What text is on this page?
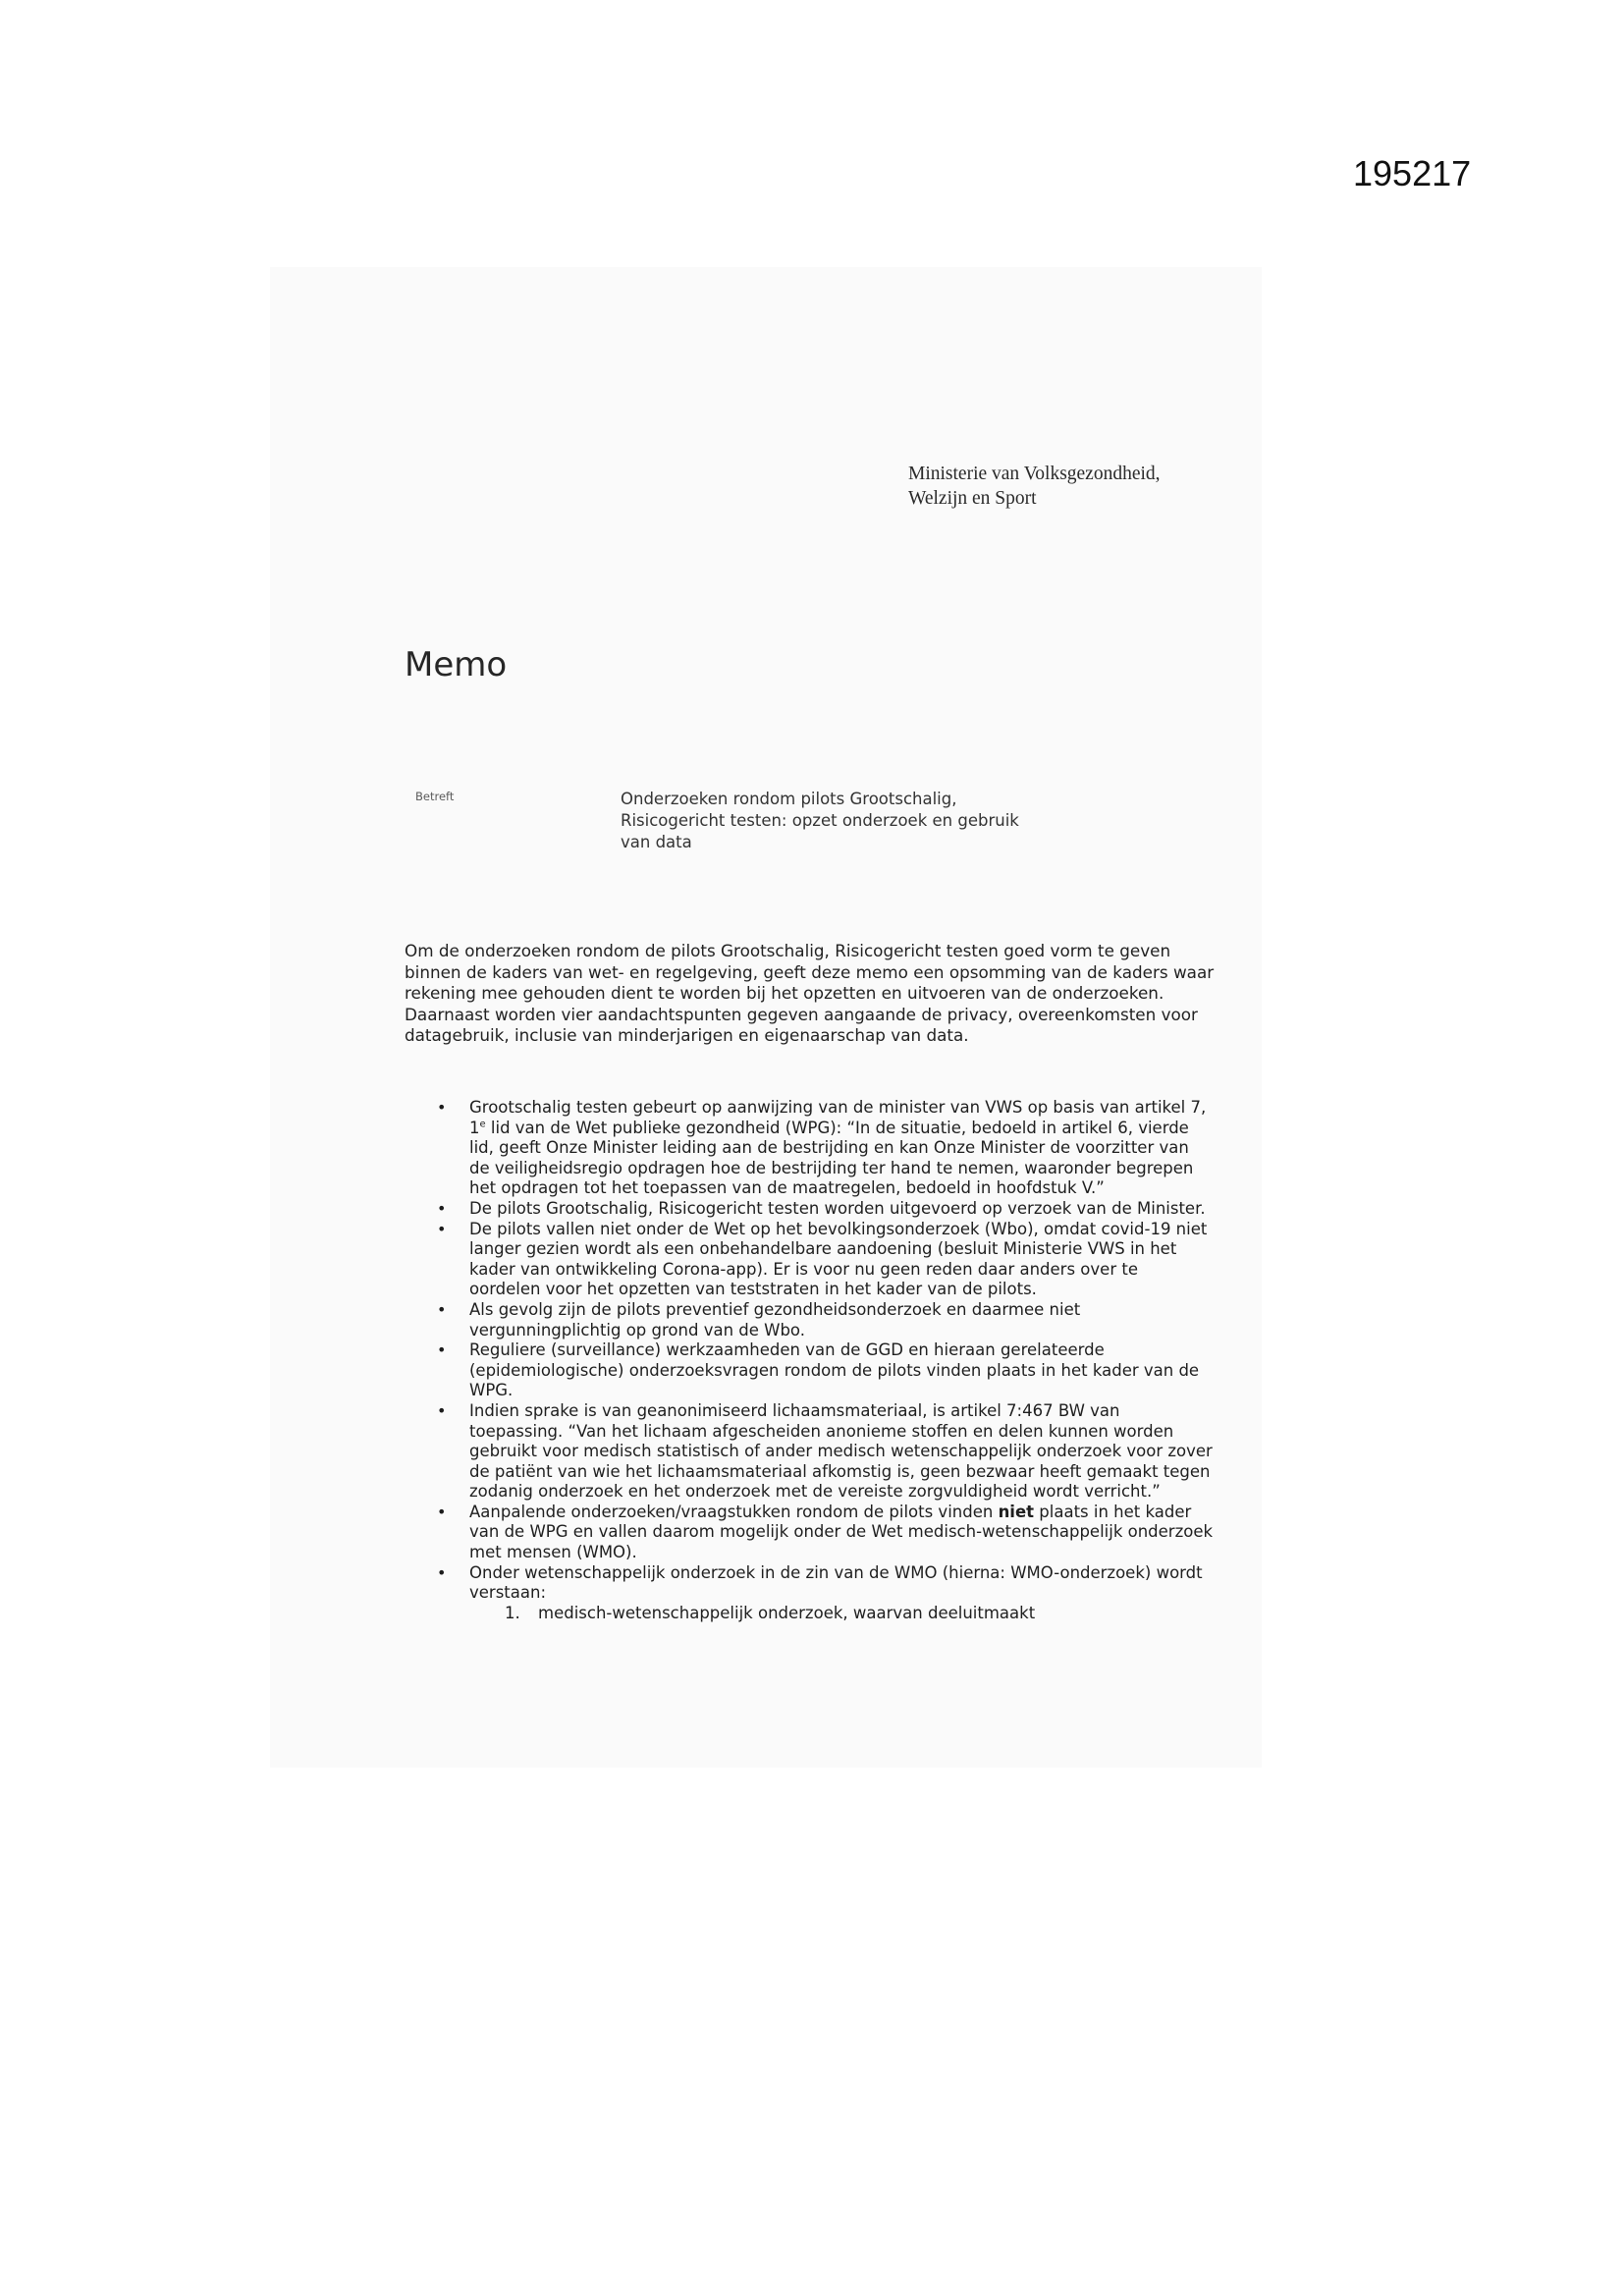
195217
Ministerie van Volksgezondheid,
Welzijn en Sport
Memo
Betreft	Onderzoeken rondom pilots Grootschalig,
Risicogericht testen: opzet onderzoek en gebruik
van data
Om de onderzoeken rondom de pilots Grootschalig, Risicogericht testen goed vorm te geven
binnen de kaders van wet- en regelgeving, geeft deze memo een opsomming van de kaders waar
rekening mee gehouden dient te worden bij het opzetten en uitvoeren van de onderzoeken.
Daarnaast worden vier aandachtspunten gegeven aangaande de privacy, overeenkomsten voor
datagebruik, inclusie van minderjarigen en eigenaarschap van data.
• Grootschalig testen gebeurt op aanwijzing van de minister van VWS op basis van artikel 7,
1e lid van de Wet publieke gezondheid (WPG): “In de situatie, bedoeld in artikel 6, vierde
lid, geeft Onze Minister leiding aan de bestrijding en kan Onze Minister de voorzitter van
de veiligheidsregio opdragen hoe de bestrijding ter hand te nemen, waaronder begrepen
het opdragen tot het toepassen van de maatregelen, bedoeld in hoofdstuk V.”
• De pilots Grootschalig, Risicogericht testen worden uitgevoerd op verzoek van de Minister.
• De pilots vallen niet onder de Wet op het bevolkingsonderzoek (Wbo), omdat covid-19 niet
langer gezien wordt als een onbehandelbare aandoening (besluit Ministerie VWS in het
kader van ontwikkeling Corona-app). Er is voor nu geen reden daar anders over te
oordelen voor het opzetten van teststraten in het kader van de pilots.
• Als gevolg zijn de pilots preventief gezondheidsonderzoek en daarmee niet
vergunningplichtig op grond van de Wbo.
• Reguliere (surveillance) werkzaamheden van de GGD en hieraan gerelateerde
(epidemiologische) onderzoeksvragen rondom de pilots vinden plaats in het kader van de
WPG.
• Indien sprake is van geanonimiseerd lichaamsmateriaal, is artikel 7:467 BW van
toepassing. “Van het lichaam afgescheiden anonieme stoffen en delen kunnen worden
gebruikt voor medisch statistisch of ander medisch wetenschappelijk onderzoek voor zover
de patiënt van wie het lichaamsmateriaal afkomstig is, geen bezwaar heeft gemaakt tegen
zodanig onderzoek en het onderzoek met de vereiste zorgvuldigheid wordt verricht.”
• Aanpalende onderzoeken/vraagstukken rondom de pilots vinden niet plaats in het kader
van de WPG en vallen daarom mogelijk onder de Wet medisch-wetenschappelijk onderzoek
met mensen (WMO).
• Onder wetenschappelijk onderzoek in de zin van de WMO (hierna: WMO-onderzoek) wordt
verstaan:
1. medisch-wetenschappelijk onderzoek, waarvan deeluitmaakt
